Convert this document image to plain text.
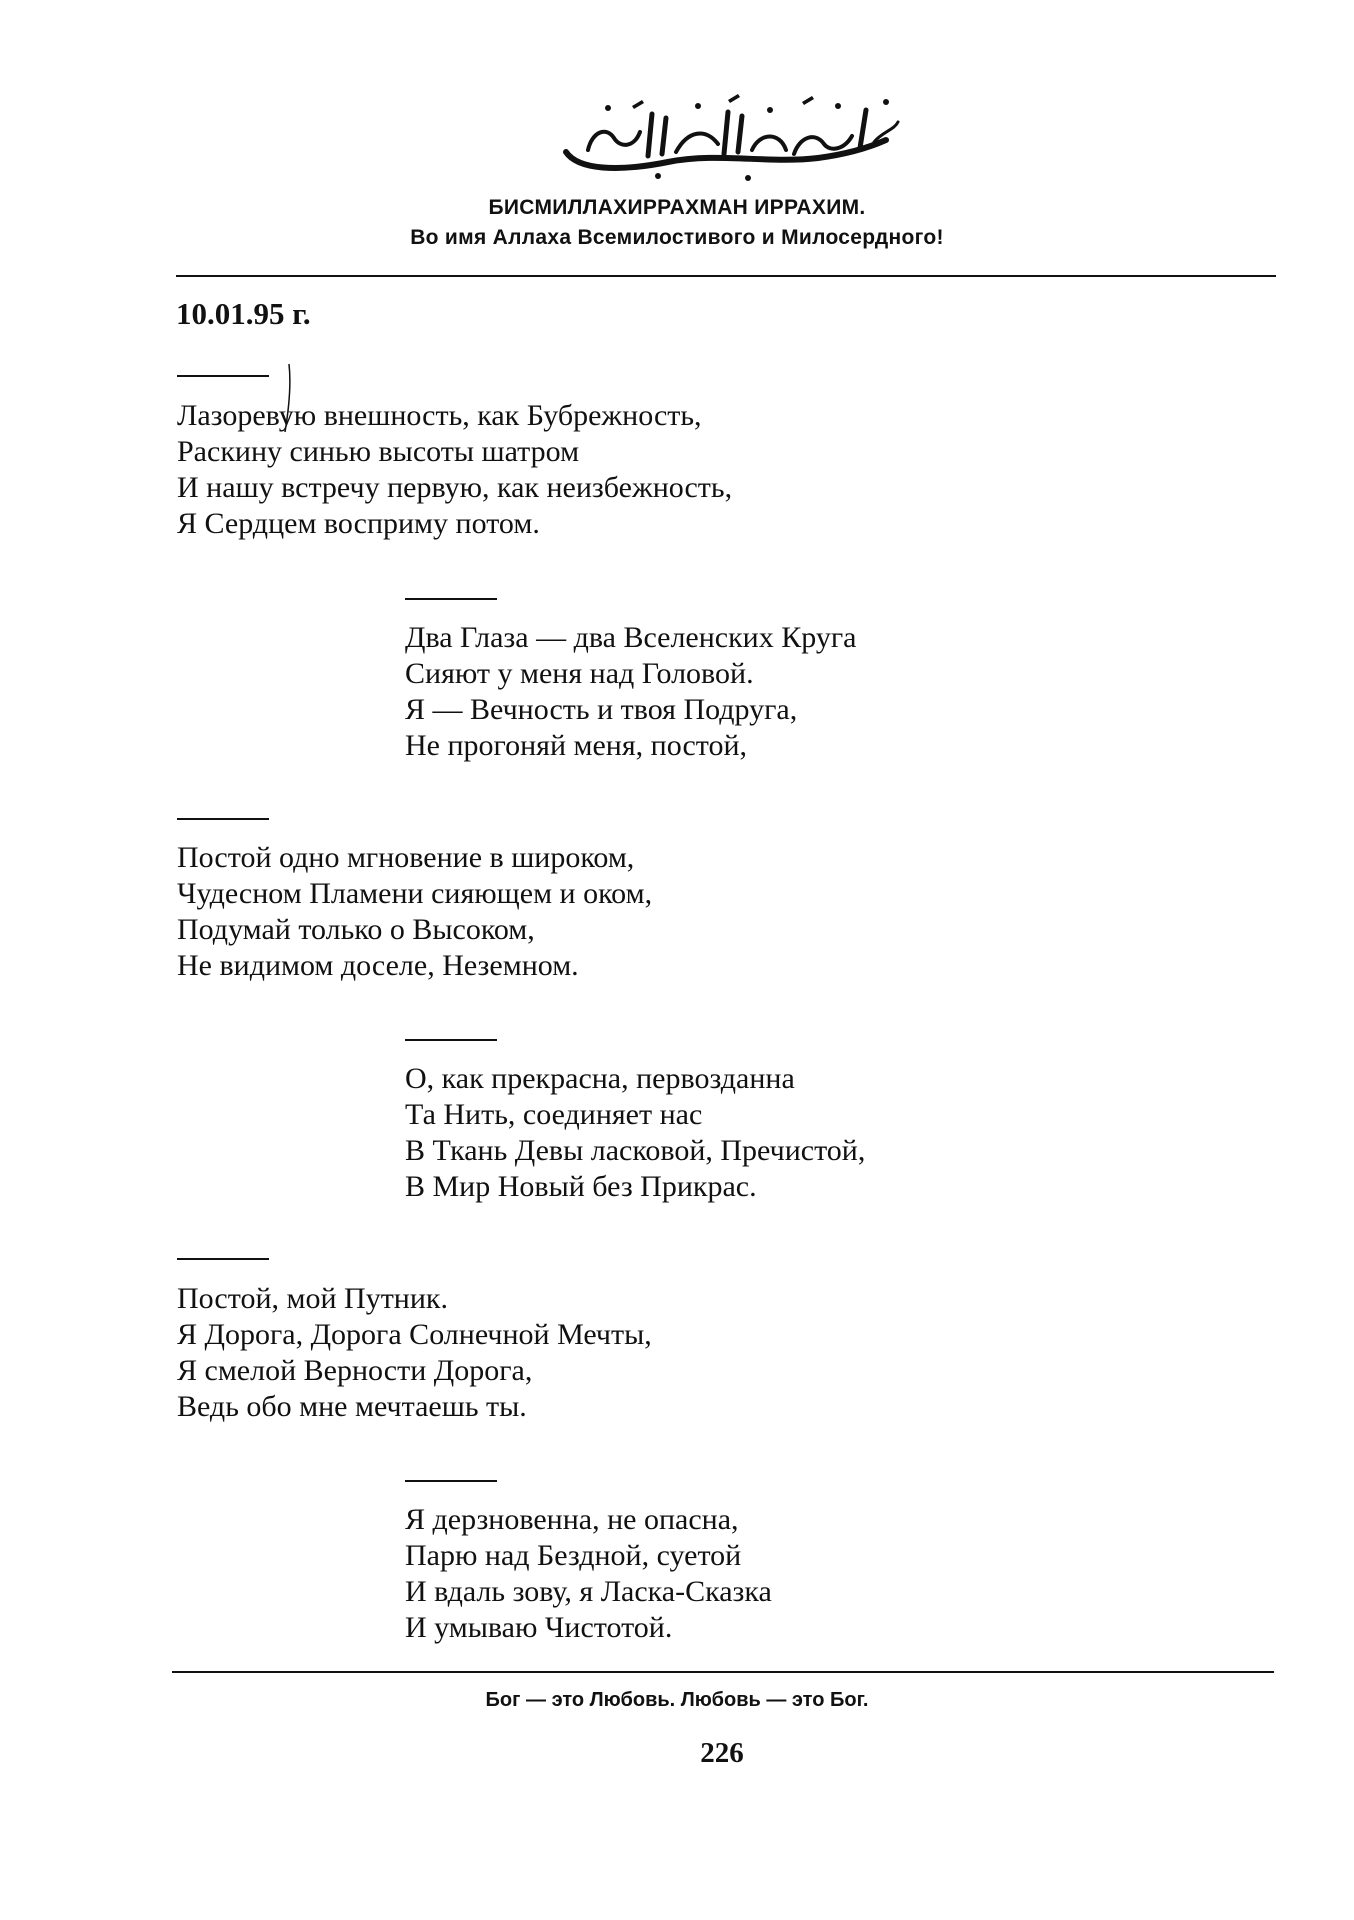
БИСМИЛЛАХИРРАХМАН ИРРАХИМ.
Во имя Аллаха Всемилостивого и Милосердного!
10.01.95 г.
Лазоревую внешность, как Бубрежность,
Раскину синью высоты шатром
И нашу встречу первую, как неизбежность,
Я Сердцем восприму потом.
Два Глаза — два Вселенских Круга
Сияют у меня над Головой.
Я — Вечность и твоя Подруга,
Не прогоняй меня, постой,
Постой одно мгновение в широком,
Чудесном Пламени сияющем и оком,
Подумай только о Высоком,
Не видимом доселе, Неземном.
О, как прекрасна, первозданна
Та Нить, соединяет нас
В Ткань Девы ласковой, Пречистой,
В Мир Новый без Прикрас.
Постой, мой Путник.
Я Дорога, Дорога Солнечной Мечты,
Я смелой Верности Дорога,
Ведь обо мне мечтаешь ты.
Я дерзновенна, не опасна,
Парю над Бездной, суетой
И вдаль зову, я Ласка-Сказка
И умываю Чистотой.
Бог — это Любовь. Любовь — это Бог.
226
